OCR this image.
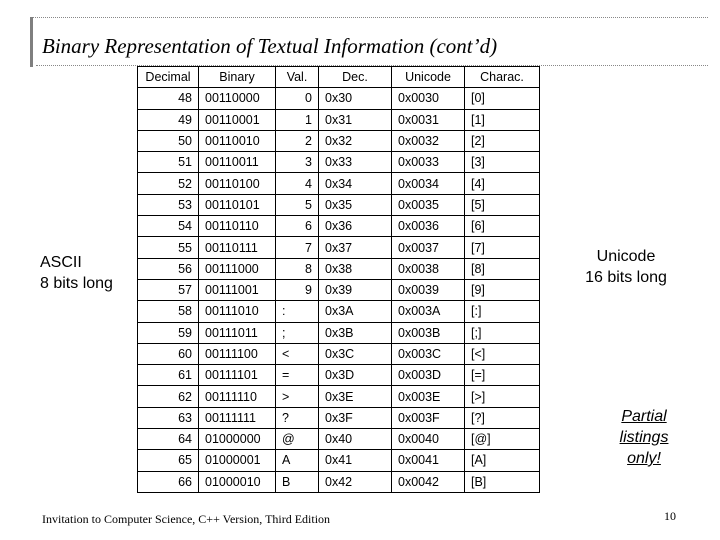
Binary Representation of Textual Information (cont’d)
Decimal	Binary	Val.	Dec.	Unicode	Charac.
48	00110000	0	0x30	0x0030	[0]
49	00110001	1	0x31	0x0031	[1]
50	00110010	2	0x32	0x0032	[2]
51	00110011	3	0x33	0x0033	[3]
52	00110100	4	0x34	0x0034	[4]
53	00110101	5	0x35	0x0035	[5]
54	00110110	6	0x36	0x0036	[6]
55	00110111	7	0x37	0x0037	[7]
56	00111000	8	0x38	0x0038	[8]
57	00111001	9	0x39	0x0039	[9]
58	00111010	:	0x3A	0x003A	[:]
59	00111011	;	0x3B	0x003B	[;]
60	00111100	<	0x3C	0x003C	[<]
61	00111101	=	0x3D	0x003D	[=]
62	00111110	>	0x3E	0x003E	[>]
63	00111111	?	0x3F	0x003F	[?]
64	01000000	@	0x40	0x0040	[@]
65	01000001	A	0x41	0x0041	[A]
66	01000010	B	0x42	0x0042	[B]
ASCII
8 bits long
Unicode
16 bits long
Partial
listings
only!
Invitation to Computer Science, C++ Version, Third Edition	10
